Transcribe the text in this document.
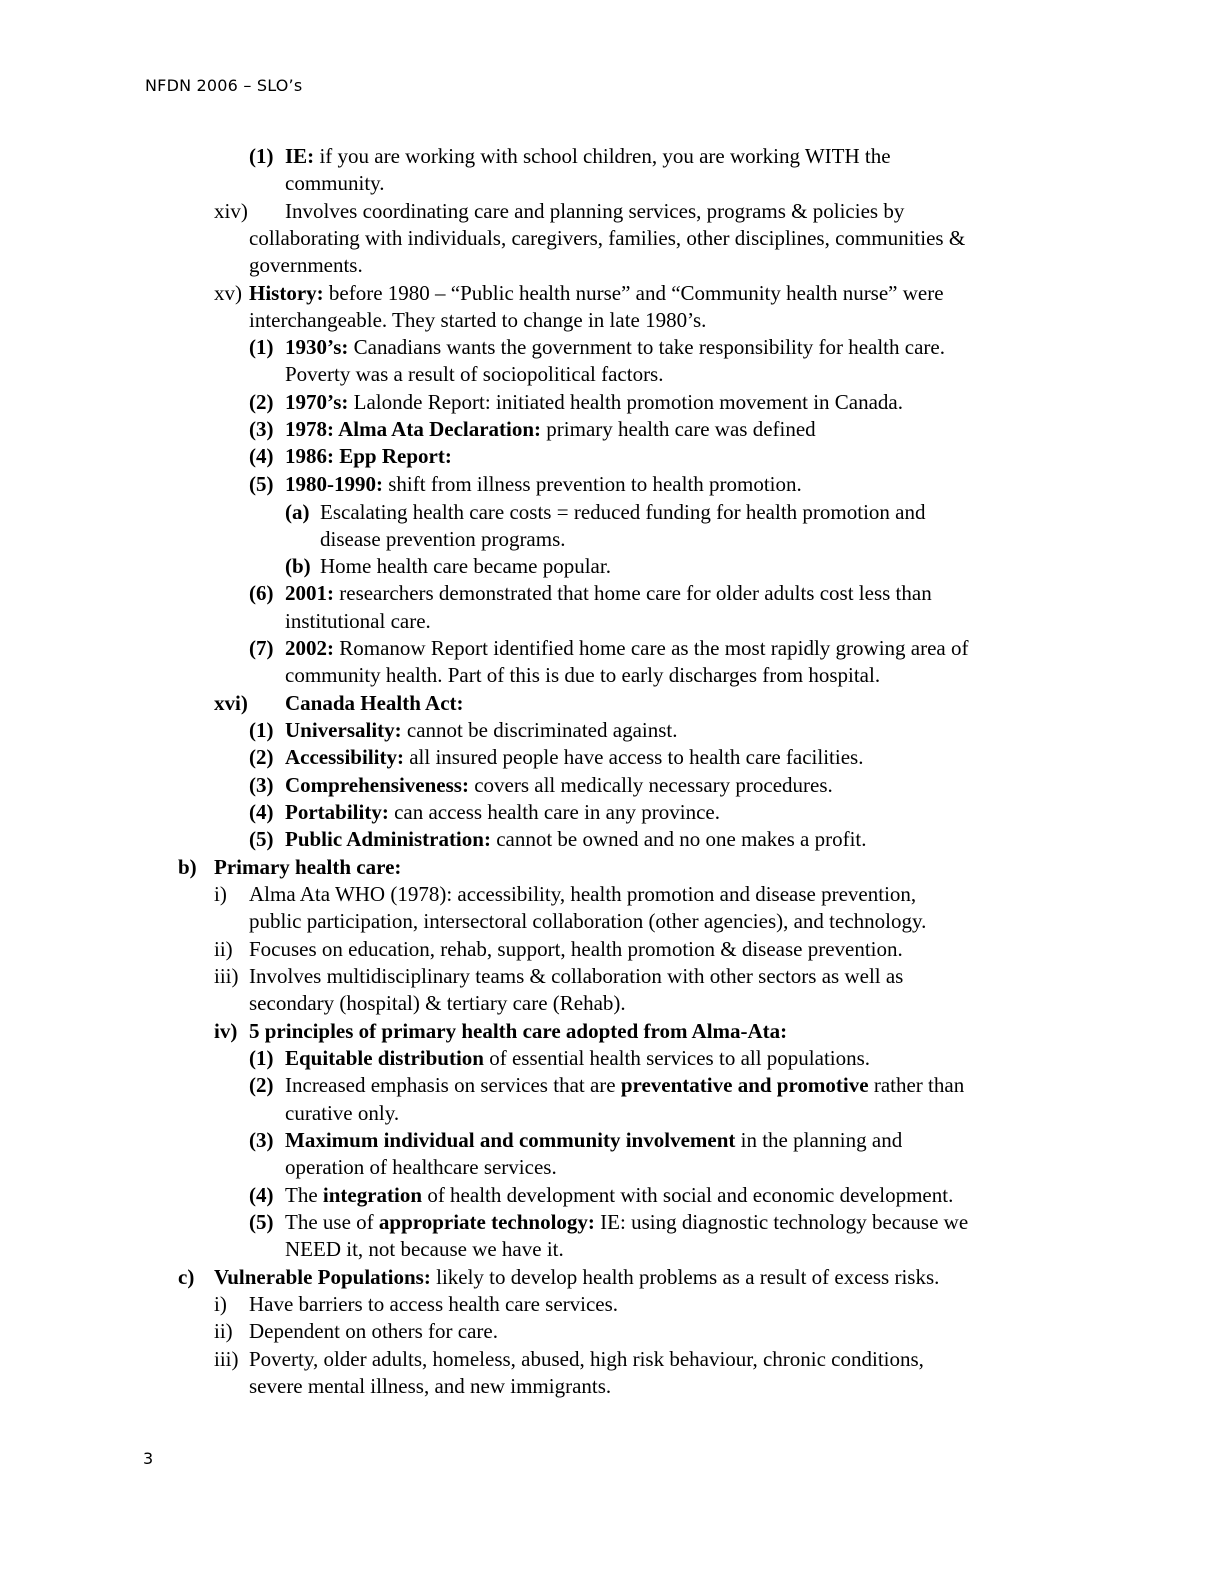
NFDN 2006 – SLO’s
(1) IE: if you are working with school children, you are working WITH the
community.
xiv) Involves coordinating care and planning services, programs & policies by
collaborating with individuals, caregivers, families, other disciplines, communities &
governments.
xv) History: before 1980 – “Public health nurse” and “Community health nurse” were
interchangeable. They started to change in late 1980’s.
(1) 1930’s: Canadians wants the government to take responsibility for health care.
Poverty was a result of sociopolitical factors.
(2) 1970’s: Lalonde Report: initiated health promotion movement in Canada.
(3) 1978: Alma Ata Declaration: primary health care was defined
(4) 1986: Epp Report:
(5) 1980-1990: shift from illness prevention to health promotion.
(a) Escalating health care costs = reduced funding for health promotion and
disease prevention programs.
(b) Home health care became popular.
(6) 2001: researchers demonstrated that home care for older adults cost less than
institutional care.
(7) 2002: Romanow Report identified home care as the most rapidly growing area of
community health. Part of this is due to early discharges from hospital.
xvi) Canada Health Act:
(1) Universality: cannot be discriminated against.
(2) Accessibility: all insured people have access to health care facilities.
(3) Comprehensiveness: covers all medically necessary procedures.
(4) Portability: can access health care in any province.
(5) Public Administration: cannot be owned and no one makes a profit.
b) Primary health care:
i) Alma Ata WHO (1978): accessibility, health promotion and disease prevention,
public participation, intersectoral collaboration (other agencies), and technology.
ii) Focuses on education, rehab, support, health promotion & disease prevention.
iii) Involves multidisciplinary teams & collaboration with other sectors as well as
secondary (hospital) & tertiary care (Rehab).
iv) 5 principles of primary health care adopted from Alma-Ata:
(1) Equitable distribution of essential health services to all populations.
(2) Increased emphasis on services that are preventative and promotive rather than
curative only.
(3) Maximum individual and community involvement in the planning and
operation of healthcare services.
(4) The integration of health development with social and economic development.
(5) The use of appropriate technology: IE: using diagnostic technology because we
NEED it, not because we have it.
c) Vulnerable Populations: likely to develop health problems as a result of excess risks.
i) Have barriers to access health care services.
ii) Dependent on others for care.
iii) Poverty, older adults, homeless, abused, high risk behaviour, chronic conditions,
severe mental illness, and new immigrants.
3
